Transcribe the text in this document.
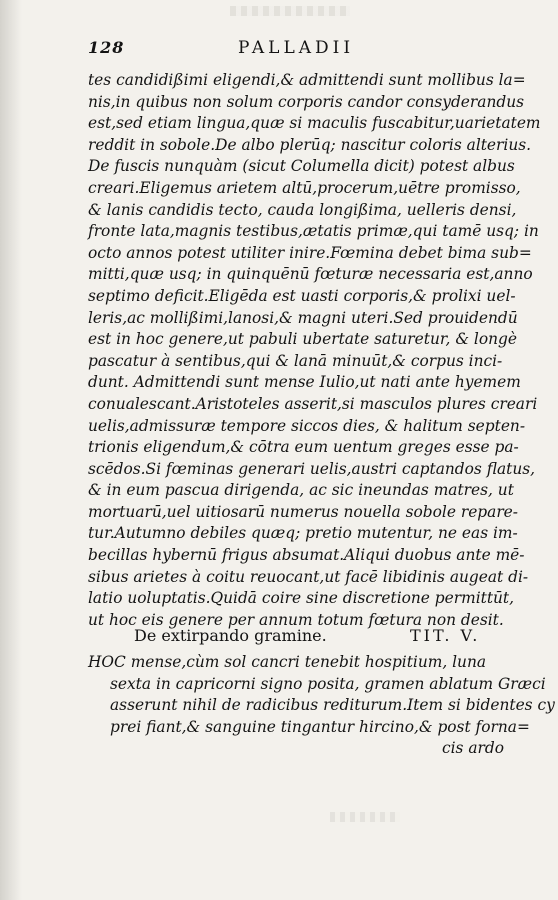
128	PALLADII
tes candidißimi eligendi,& admittendi sunt mollibus la=
nis,in quibus non solum corporis candor consyderandus
est,sed etiam lingua,quæ si maculis fuscabitur,uarietatem
reddit in sobole.De albo plerūq; nascitur coloris alterius.
De fuscis nunquàm (sicut Columella dicit) potest albus
creari.Eligemus arietem altū,procerum,uētre promisso,
& lanis candidis tecto, cauda longißima, uelleris densi,
fronte lata,magnis testibus,ætatis primæ,qui tamē usq; in
octo annos potest utiliter inire.Fœmina debet bima sub=
mitti,quæ usq; in quinquēnū fœturæ necessaria est,anno
septimo deficit.Eligēda est uasti corporis,& prolixi uel-
leris,ac mollißimi,lanosi,& magni uteri.Sed prouidendū
est in hoc genere,ut pabuli ubertate saturetur, & longè
pascatur à sentibus,qui & lanā minuūt,& corpus inci-
dunt. Admittendi sunt mense Iulio,ut nati ante hyemem
conualescant.Aristoteles asserit,si masculos plures creari
uelis,admissuræ tempore siccos dies, & halitum septen-
trionis eligendum,& cōtra eum uentum greges esse pa-
scēdos.Si fœminas generari uelis,austri captandos flatus,
& in eum pascua dirigenda, ac sic ineundas matres, ut
mortuarū,uel uitiosarū numerus nouella sobole repare-
tur.Autumno debiles quæq; pretio mutentur, ne eas im-
becillas hybernū frigus absumat.Aliqui duobus ante mē-
sibus arietes à coitu reuocant,ut facē libidinis augeat di-
latio uoluptatis.Quidā coire sine discretione permittūt,
ut hoc eis genere per annum totum fœtura non desit.
De extirpando gramine.	TIT. V.
HOC mense,cùm sol cancri tenebit hospitium, luna
sexta in capricorni signo posita, gramen ablatum Græci
asserunt nihil de radicibus rediturum.Item si bidentes cy
prei fiant,& sanguine tingantur hircino,& post forna=
cis ardo
